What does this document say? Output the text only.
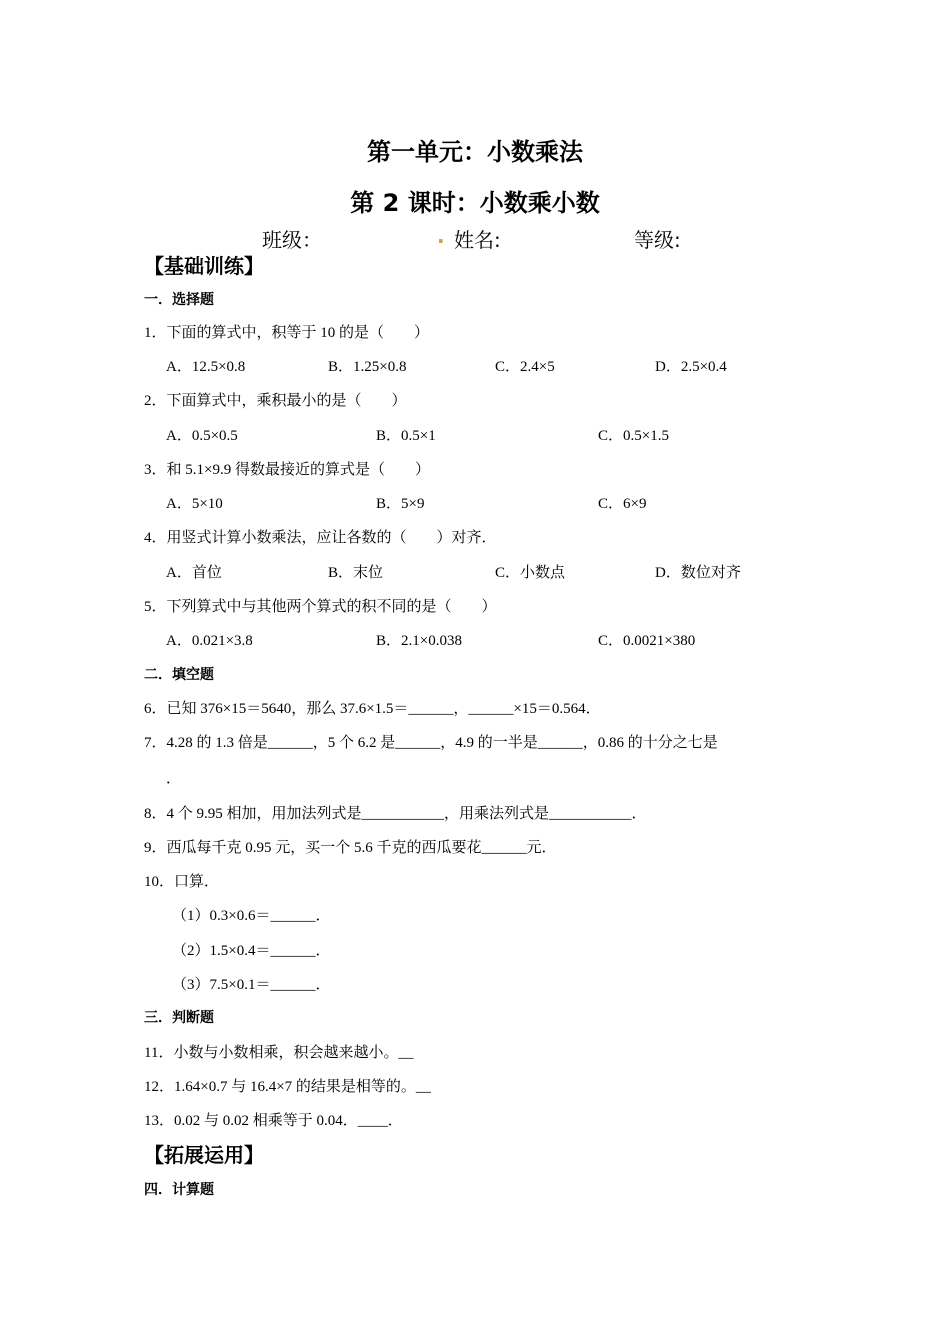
第一单元：小数乘法
第 2 课时：小数乘小数
班级：	. 姓名:	等级:
【基础训练】
一．选择题
1．下面的算式中，积等于 10 的是（　　）
A．12.5×0.8	B．1.25×0.8	C．2.4×5	D．2.5×0.4
2．下面算式中，乘积最小的是（　　）
A．0.5×0.5	B．0.5×1	C．0.5×1.5
3．和 5.1×9.9 得数最接近的算式是（　　）
A．5×10	B．5×9	C．6×9
4．用竖式计算小数乘法，应让各数的（　　）对齐．
A．首位	B．末位	C．小数点	D．数位对齐
5．下列算式中与其他两个算式的积不同的是（　　）
A．0.021×3.8	B．2.1×0.038	C．0.0021×380
二．填空题
6．已知 376×15＝5640，那么 37.6×1.5＝______，______×15＝0.564．
7．4.28 的 1.3 倍是______，5 个 6.2 是______，4.9 的一半是______，0.86 的十分之七是
．
8．4 个 9.95 相加，用加法列式是___________，用乘法列式是___________．
9．西瓜每千克 0.95 元，买一个 5.6 千克的西瓜要花______元．
10．口算．
（1）0.3×0.6＝______．
（2）1.5×0.4＝______．
（3）7.5×0.1＝______．
三．判断题
11．小数与小数相乘，积会越来越小。__
12．1.64×0.7 与 16.4×7 的结果是相等的。__
13．0.02 与 0.02 相乘等于 0.04．____．
【拓展运用】
四．计算题
